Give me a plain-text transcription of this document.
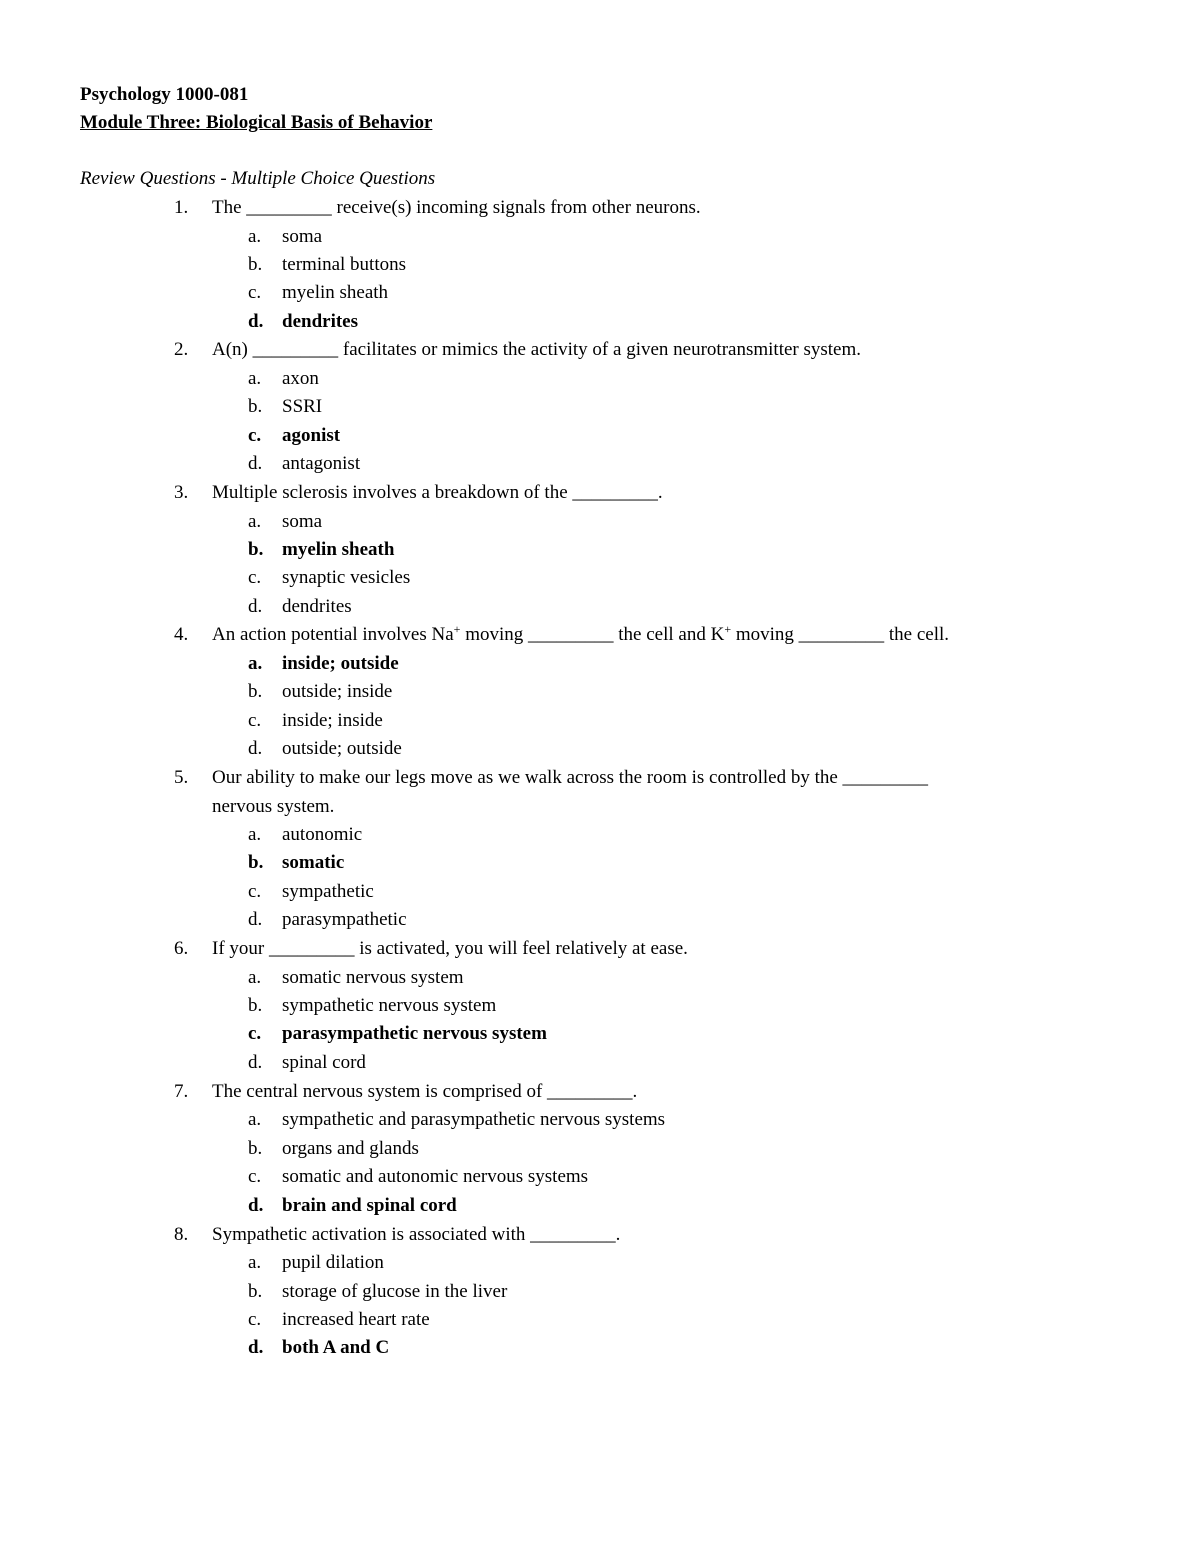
Psychology 1000-081
Module Three: Biological Basis of Behavior
Review Questions - Multiple Choice Questions
1. The _________ receive(s) incoming signals from other neurons.
a. soma
b. terminal buttons
c. myelin sheath
d. dendrites
2. A(n) _________ facilitates or mimics the activity of a given neurotransmitter system.
a. axon
b. SSRI
c. agonist
d. antagonist
3. Multiple sclerosis involves a breakdown of the _________.
a. soma
b. myelin sheath
c. synaptic vesicles
d. dendrites
4. An action potential involves Na+ moving _________ the cell and K+ moving _________ the cell.
a. inside; outside
b. outside; inside
c. inside; inside
d. outside; outside
5. Our ability to make our legs move as we walk across the room is controlled by the _________
nervous system.
a. autonomic
b. somatic
c. sympathetic
d. parasympathetic
6. If your _________ is activated, you will feel relatively at ease.
a. somatic nervous system
b. sympathetic nervous system
c. parasympathetic nervous system
d. spinal cord
7. The central nervous system is comprised of _________.
a. sympathetic and parasympathetic nervous systems
b. organs and glands
c. somatic and autonomic nervous systems
d. brain and spinal cord
8. Sympathetic activation is associated with _________.
a. pupil dilation
b. storage of glucose in the liver
c. increased heart rate
d. both A and C
